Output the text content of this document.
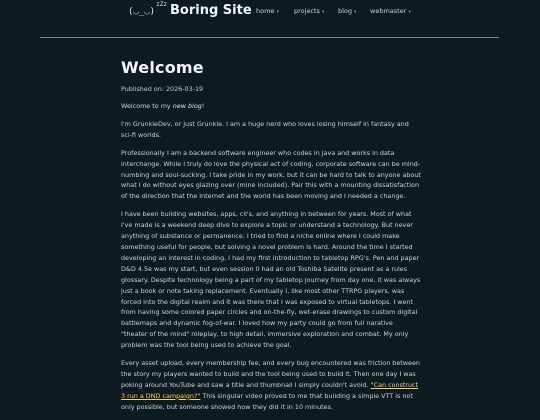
(◡_◡)$^{zZz}$ Boring Site home ▾ projects ▾ blog ▾ webmaster ▾
Welcome

Published on: 2026-03-19

Welcome to my new blog!

I'm GrunkleDev, or just Grunkle. I am a huge nerd who loves losing himself in fantasy and sci-fi worlds.

Professionally I am a backend software engineer who codes in java and works in data interchange. While I truly do love the physical act of coding, corporate software can be mind-numbing and soul-sucking. I take pride in my work, but it can be hard to talk to anyone about what I do without eyes glazing over (mine included). Pair this with a mounting dissatisfaction of the direction that the internet and the world has been moving and I needed a change.

I have been building websites, apps, cli's, and anything in between for years. Most of what I've made is a weekend deep dive to explore a topic or understand a technology. But never anything of substance or permanence. I tried to find a niche online where I could make something useful for people, but solving a novel problem is hard. Around the time I started developing an interest in coding, I had my first introduction to tabletop RPG's. Pen and paper D&D 4.5e was my start, but even session 0 had an old Toshiba Satelite present as a rules glossary. Despite technology being a part of my tabletop journey from day one, it was always just a book or note taking replacement. Eventually I, like most other TTRPG players, was forced into the digital realm and it was there that I was exposed to virtual tabletops. I went from having some colored paper circles and on-the-fly, wet-erase drawings to custom digital battlemaps and dynamic fog-of-war. I loved how my party could go from full narative "theater of the mind" roleplay, to high detail, immersive exploration and combat. My only problem was the tool being used to achieve the goal.

Every asset upload, every membership fee, and every bug encountered was friction between the story my players wanted to build and the tool being used to build it. Then one day I was poking around YouTube and saw a title and thumbnail I simply couldn't avoid. "Can construct 3 run a DND campaign?" This singular video proved to me that building a simple VTT is not only possible, but someone showed how they did it in 10 minutes.
